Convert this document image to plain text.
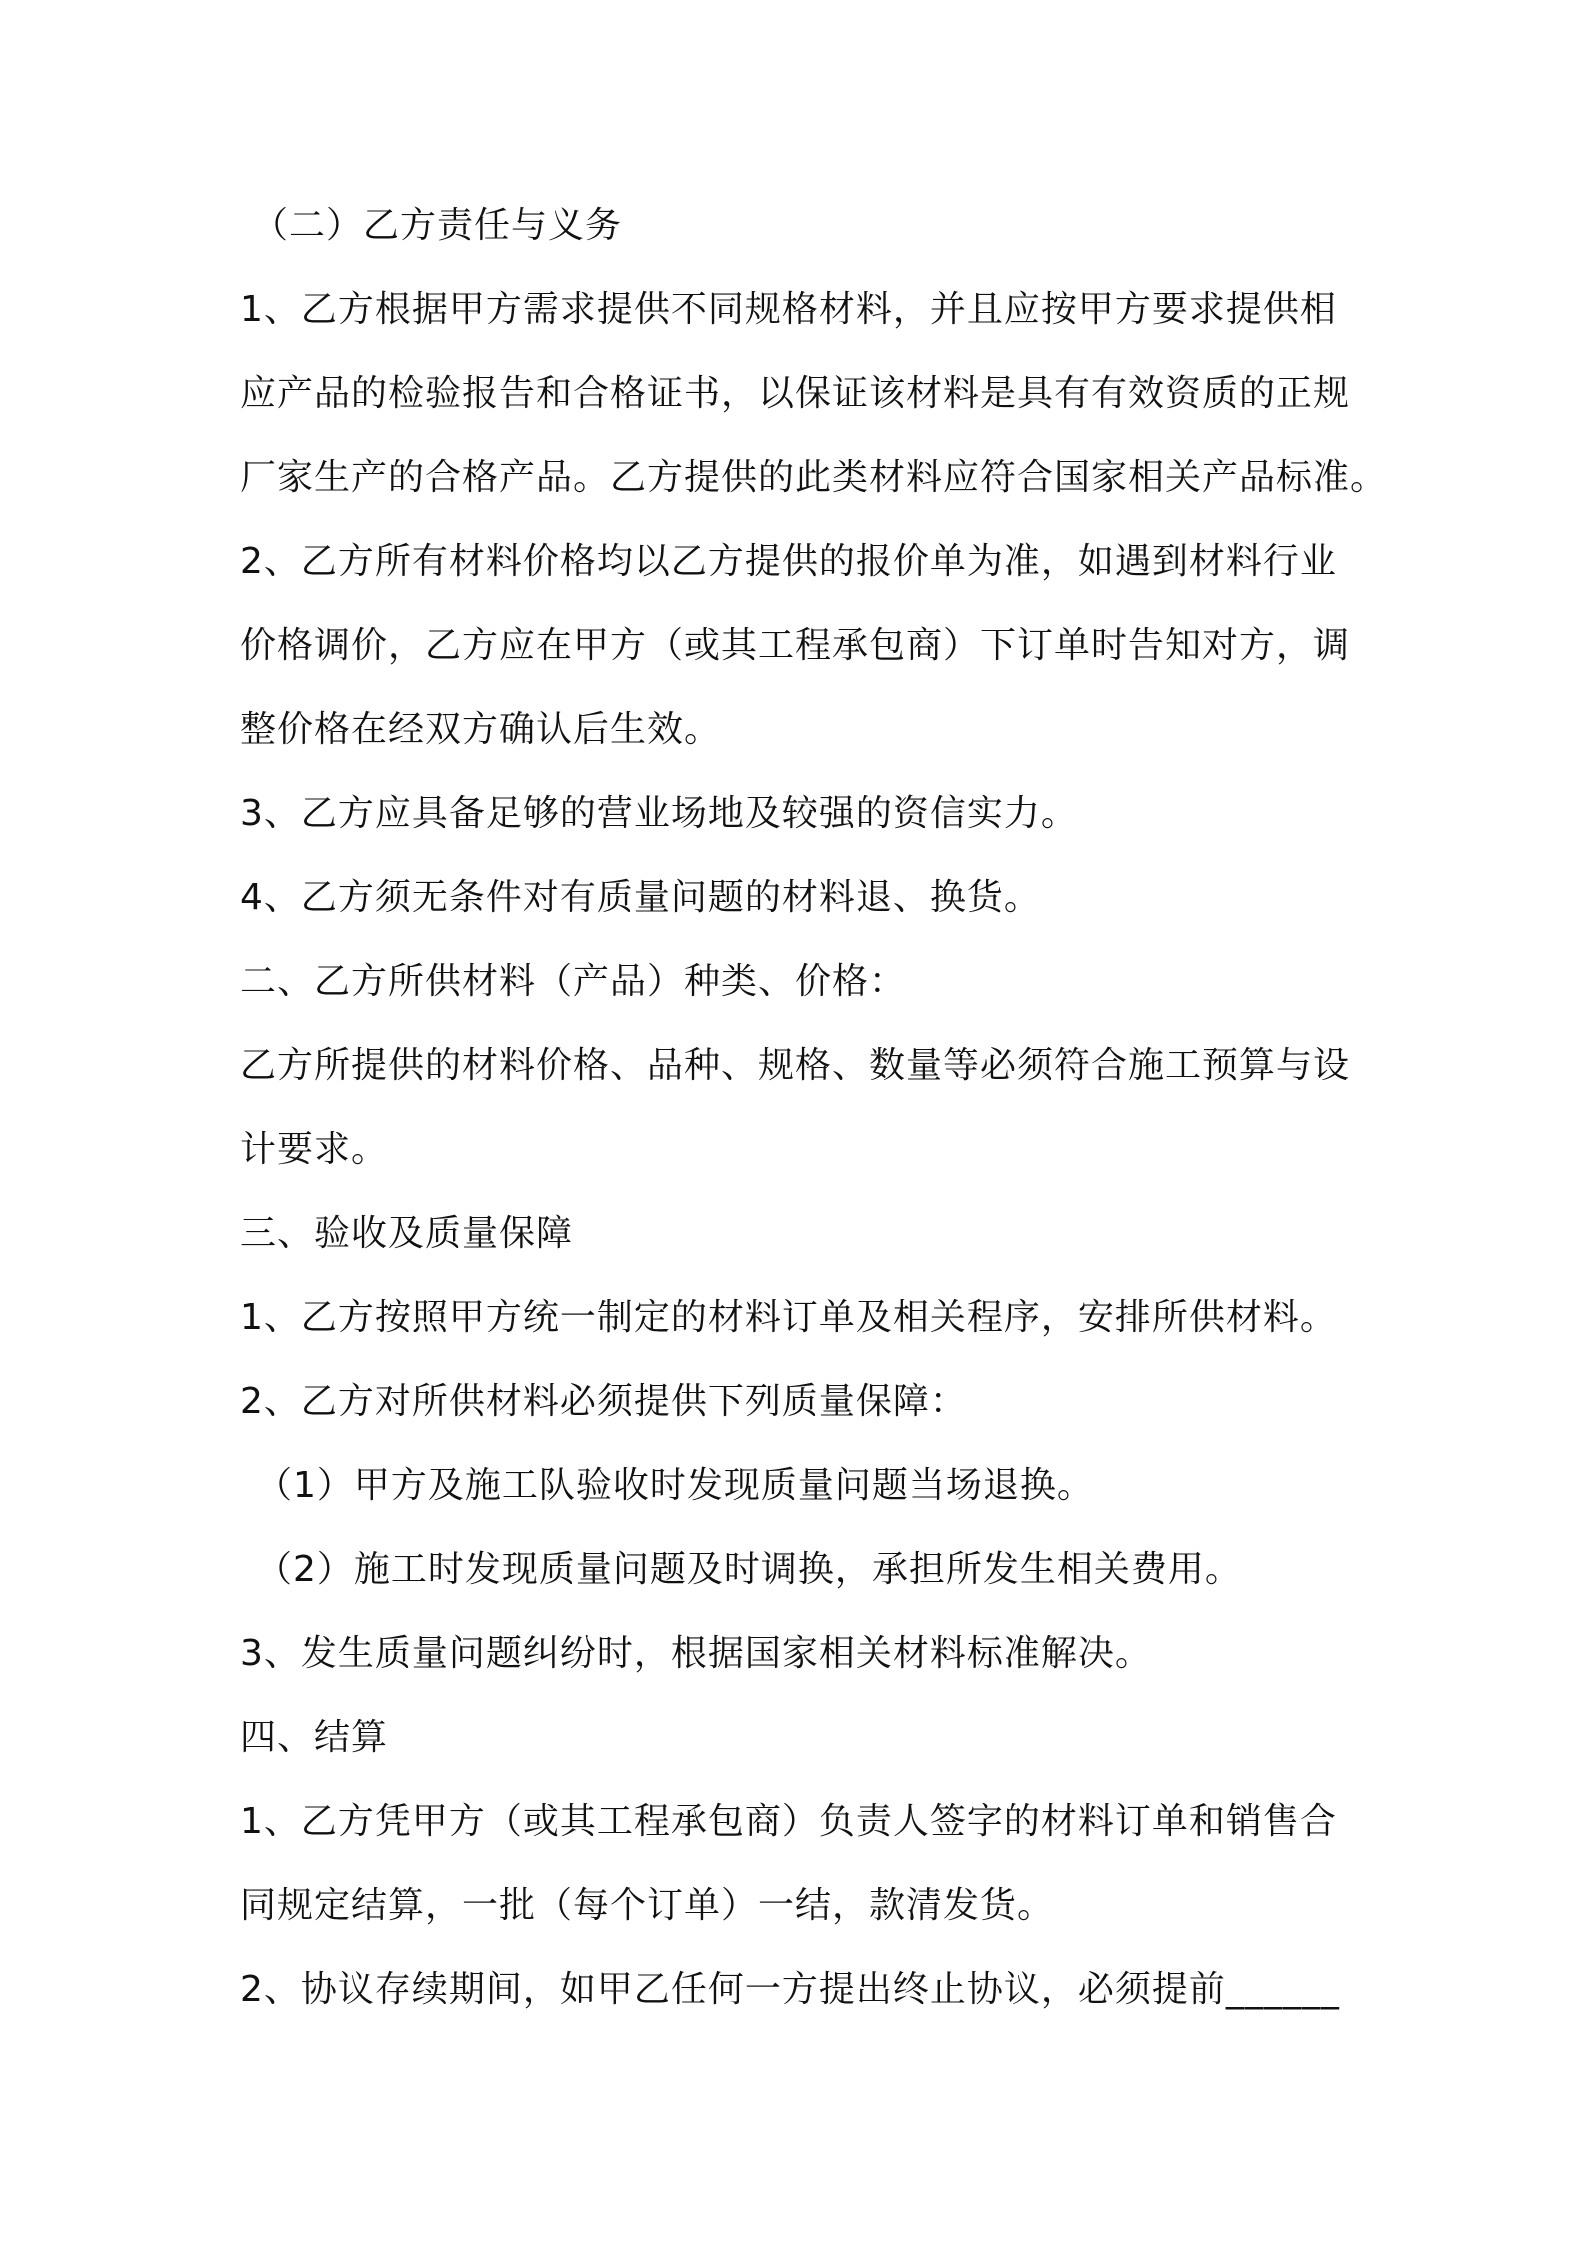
（二）乙方责任与义务
1、乙方根据甲方需求提供不同规格材料，并且应按甲方要求提供相
应产品的检验报告和合格证书，以保证该材料是具有有效资质的正规
厂家生产的合格产品。乙方提供的此类材料应符合国家相关产品标准。
2、乙方所有材料价格均以乙方提供的报价单为准，如遇到材料行业
价格调价，乙方应在甲方（或其工程承包商）下订单时告知对方，调
整价格在经双方确认后生效。
3、乙方应具备足够的营业场地及较强的资信实力。
4、乙方须无条件对有质量问题的材料退、换货。
二、乙方所供材料（产品）种类、价格：
乙方所提供的材料价格、品种、规格、数量等必须符合施工预算与设
计要求。
三、验收及质量保障
1、乙方按照甲方统一制定的材料订单及相关程序，安排所供材料。
2、乙方对所供材料必须提供下列质量保障：
（1）甲方及施工队验收时发现质量问题当场退换。
（2）施工时发现质量问题及时调换，承担所发生相关费用。
3、发生质量问题纠纷时，根据国家相关材料标准解决。
四、结算
1、乙方凭甲方（或其工程承包商）负责人签字的材料订单和销售合
同规定结算，一批（每个订单）一结，款清发货。
2、协议存续期间，如甲乙任何一方提出终止协议，必须提前______
